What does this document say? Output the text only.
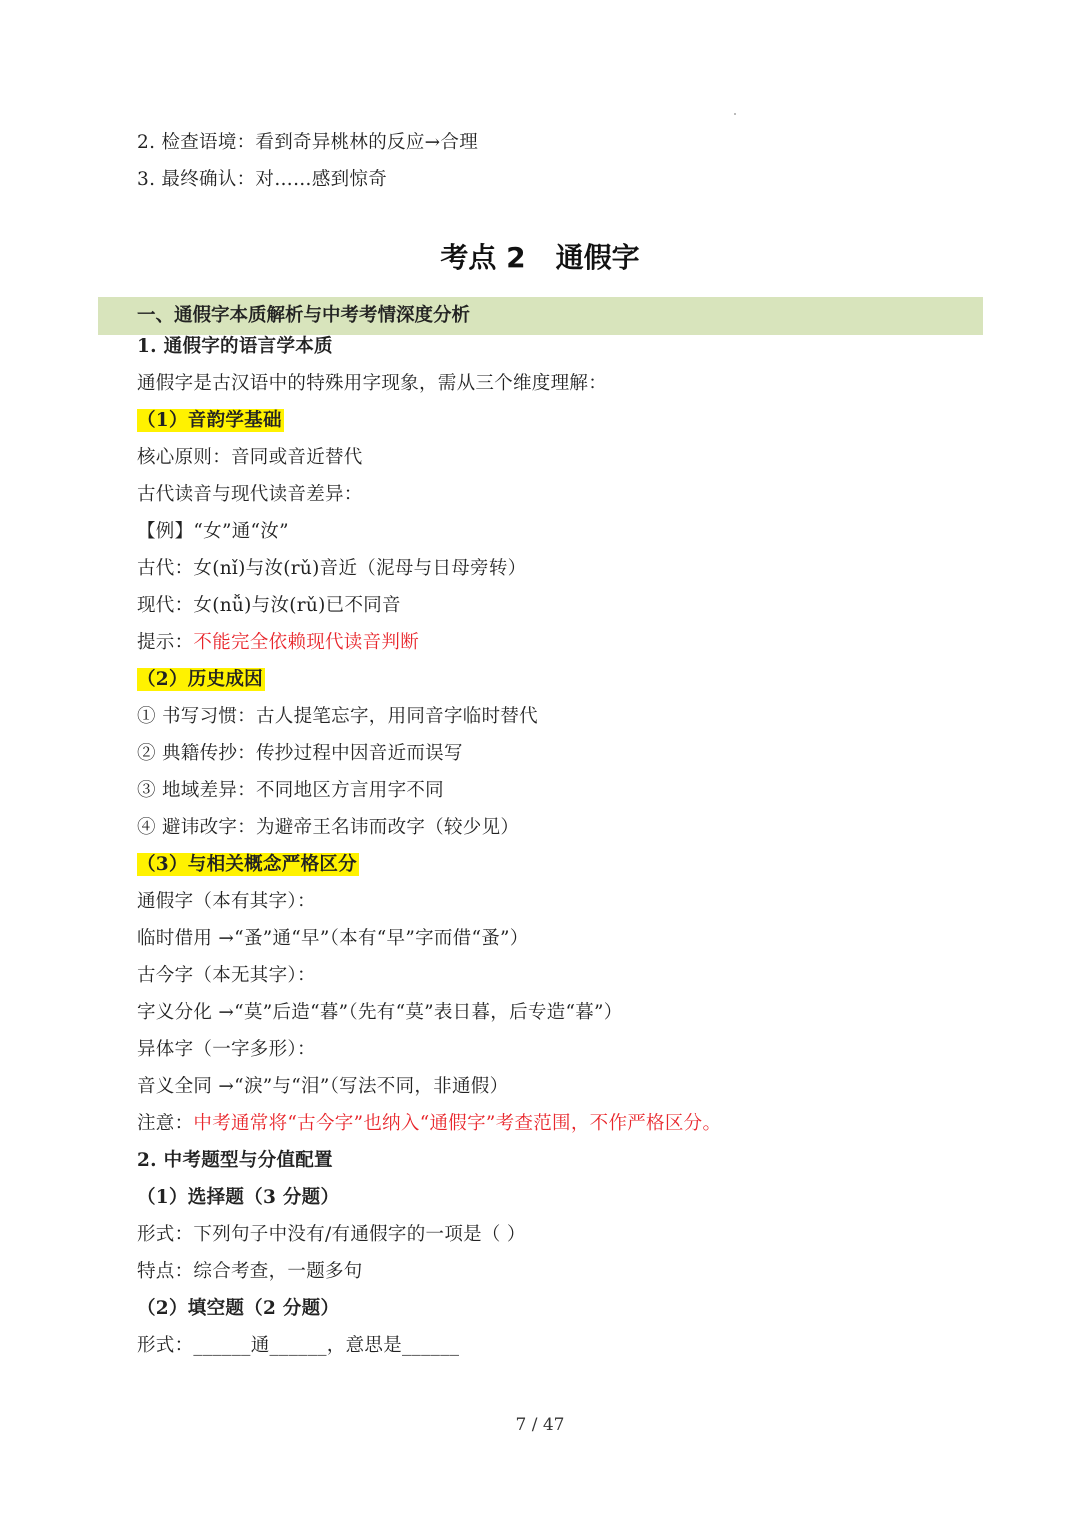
2. 检查语境：看到奇异桃林的反应→合理
3. 最终确认：对……感到惊奇
考点 2 通假字
一、通假字本质解析与中考考情深度分析
1. 通假字的语言学本质
通假字是古汉语中的特殊用字现象，需从三个维度理解：
（1）音韵学基础
核心原则：音同或音近替代
古代读音与现代读音差异：
【例】“女”通“汝”
古代：女(nǐ)与汝(rǔ)音近（泥母与日母旁转）
现代：女(nǚ)与汝(rǔ)已不同音
提示：不能完全依赖现代读音判断
（2）历史成因
① 书写习惯：古人提笔忘字，用同音字临时替代
② 典籍传抄：传抄过程中因音近而误写
③ 地域差异：不同地区方言用字不同
④ 避讳改字：为避帝王名讳而改字（较少见）
（3）与相关概念严格区分
通假字（本有其字）：
临时借用 →“蚤”通“早”（本有“早”字而借“蚤”）
古今字（本无其字）：
字义分化 →“莫”后造“暮”（先有“莫”表日暮，后专造“暮”）
异体字（一字多形）：
音义全同 →“淚”与“泪”（写法不同，非通假）
注意：中考通常将“古今字”也纳入“通假字”考查范围，不作严格区分。
2. 中考题型与分值配置
（1）选择题（3 分题）
形式：下列句子中没有/有通假字的一项是（ ）
特点：综合考查，一题多句
（2）填空题（2 分题）
形式：______通______，意思是______
7 / 47
